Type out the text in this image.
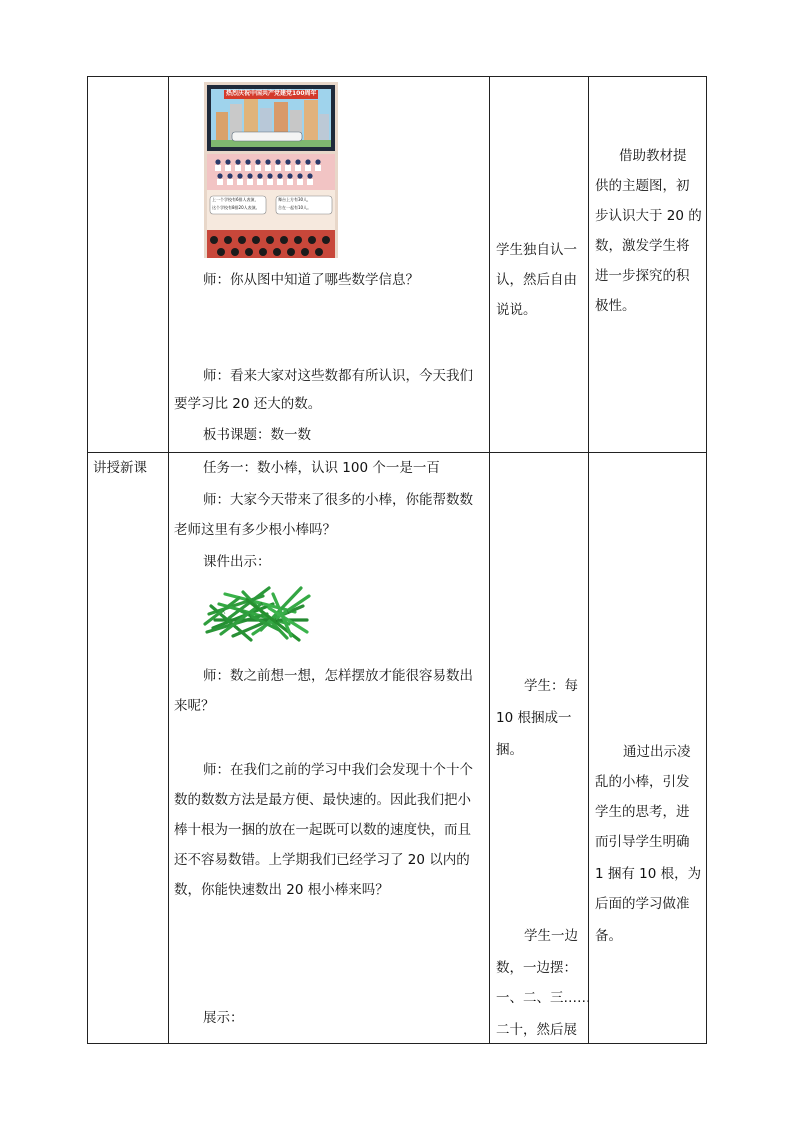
热烈庆祝中国共产党建党100周年
上一个学校有6排人表演，
这个学校有8排20人表演。
舞台上方有30人，
合在一起有10人。
师：你从图中知道了哪些数学信息？
师：看来大家对这些数都有所认识，今天我们
要学习比 20 还大的数。
板书课题：数一数
学生独自认一
认，然后自由
说说。
借助教材提
供的主题图，初
步认识大于 20 的
数，激发学生将
进一步探究的积
极性。
讲授新课	任务一：数小棒，认识 100 个一是一百
师：大家今天带来了很多的小棒，你能帮数数
老师这里有多少根小棒吗？
课件出示：
师：数之前想一想，怎样摆放才能很容易数出
来呢？
师：在我们之前的学习中我们会发现十个十个
数的数数方法是最方便、最快速的。因此我们把小
棒十根为一捆的放在一起既可以数的速度快，而且
还不容易数错。上学期我们已经学习了 20 以内的
数，你能快速数出 20 根小棒来吗？
展示：
学生：每
10 根捆成一
捆。
学生一边
数，一边摆：
一、二、三……
二十，然后展
通过出示凌
乱的小棒，引发
学生的思考，进
而引导学生明确
1 捆有 10 根，为
后面的学习做准
备。
